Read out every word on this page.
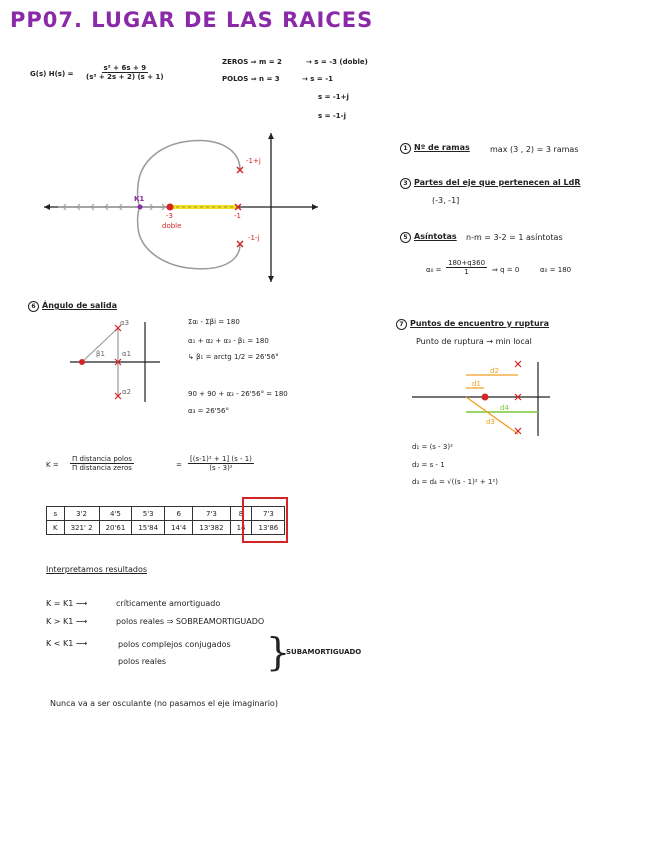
PP07. LUGAR DE LAS RAICES
G(s) $H(s) = \frac{\text{s² + 6s + 9}}{\text{(s² + 2s + 2) (s + 1)}}$
ZEROS ⇒ m = 2	→ s = -3 (doble)
POLOS ⇒ n = 3	→ s = -1
s = -1+j
s = -1-j
K1
-3
doble
-1
-1+j
-1-j
1 Nº de ramas	max (3 , 2) = 3 ramas
3 Partes del eje que pertenecen al LdR
(-3, -1]
5 Asíntotas n-m = 3-2 = 1 asíntotas
$\alpha_0 = \frac{180+q360}{1}$ ⇒ q = 0	α₀ = 180
6 Ángulo de salida
α3
β1 α1
α2
Σαᵢ - Σβi = 180
α₁ + α₂ + α₃ - β₁ = 180
↳ β₁ = arctg 1/2 = 26'56°
90 + 90 + α₃ - 26'56° = 180
α₃ = 26'56°
7 Puntos de encuentro y ruptura
Punto de ruptura → min local
d1
d2
d3
d4
d₁ = (s - 3)²
d₂ = s - 1
d₃ = d₄ = √((s - 1)² + 1²)
$K = \frac{\text{Π distancia polos}}{\text{Π distancia zeros}}$	= $\frac{\text{[(s-1)² + 1] (s - 1)}}{\text{(s - 3)²}}$
s	3'2	4'5	5'3	6	7'3	8	7'3
K	321' 2	20'61	15'84	14'4	13'382	14	13'86
Interpretamos resultados
K = K1 ⟶	críticamente amortiguado
K > K1 ⟶	polos reales ⇒ SOBREAMORTIGUADO
K < K1 ⟶	polos complejos conjugados
polos reales	}
SUBAMORTIGUADO
Nunca va a ser osculante (no pasamos el eje imaginario)
